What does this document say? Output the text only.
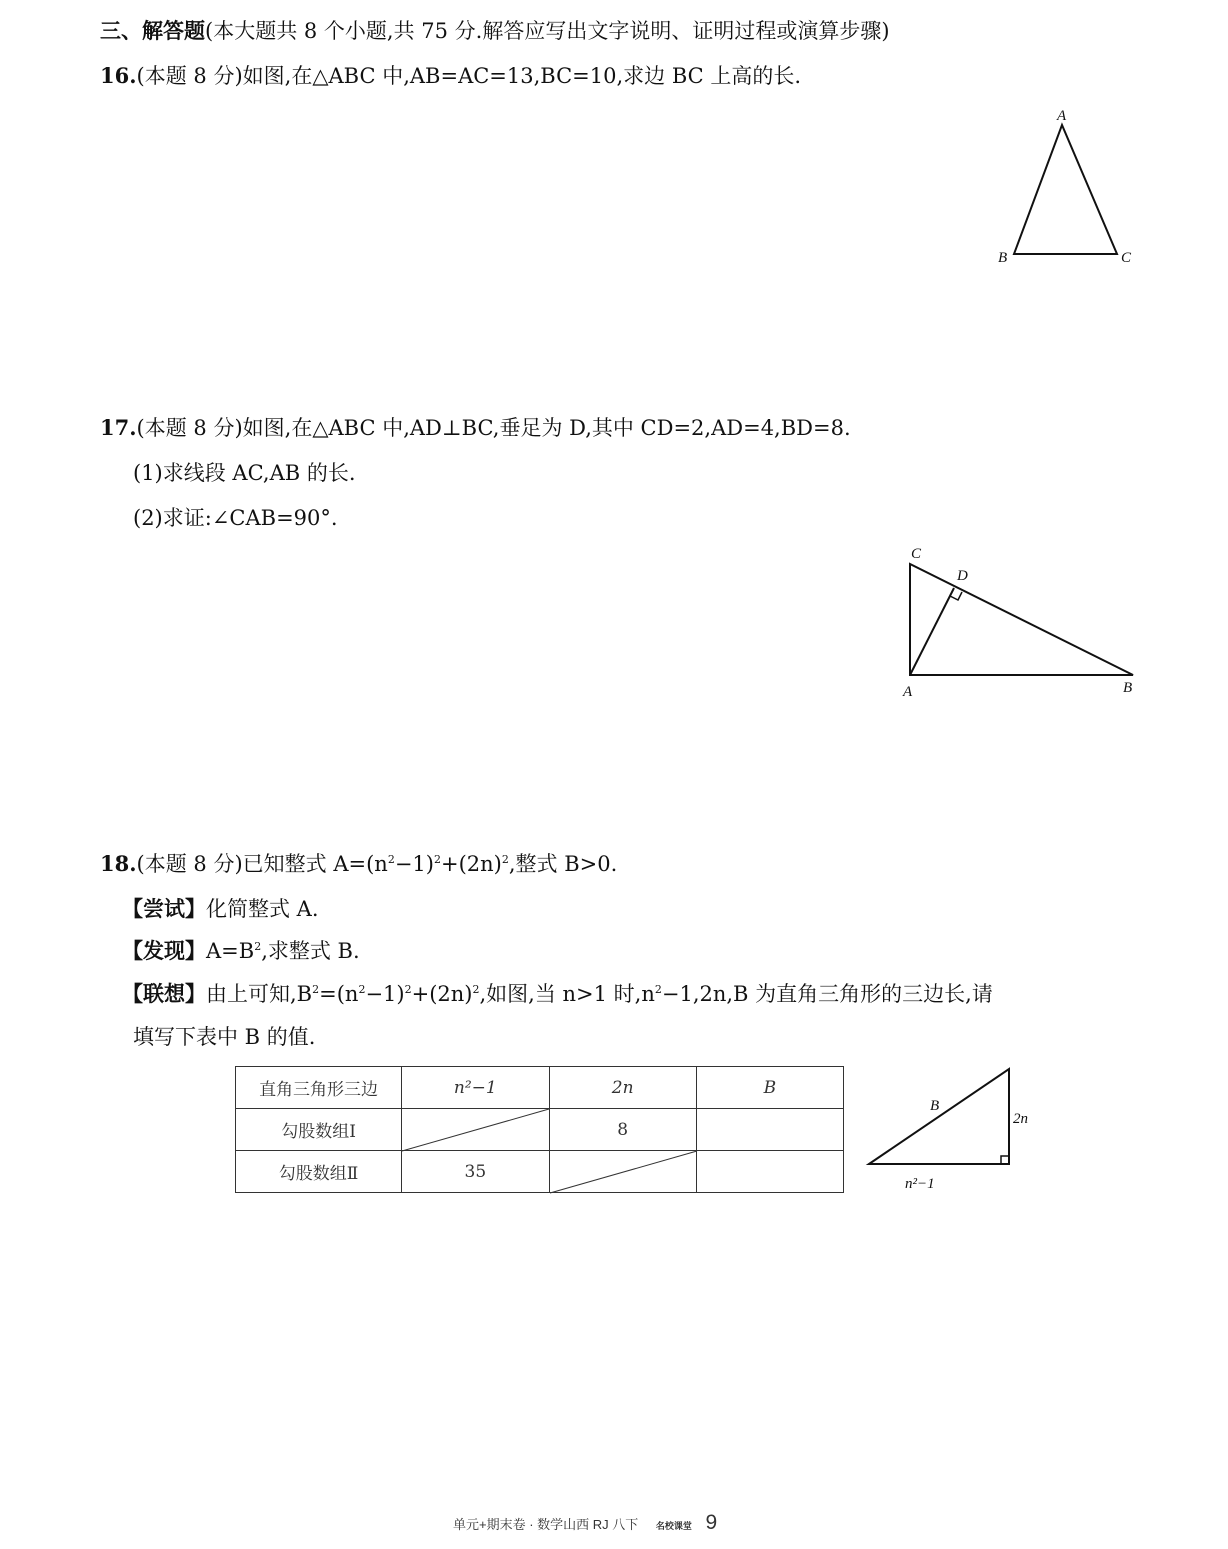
三、解答题(本大题共 8 个小题,共 75 分.解答应写出文字说明、证明过程或演算步骤)
16.(本题 8 分)如图,在△ABC 中,AB=AC=13,BC=10,求边 BC 上高的长.
A
B	C
17.(本题 8 分)如图,在△ABC 中,AD⊥BC,垂足为 D,其中 CD=2,AD=4,BD=8.
(1)求线段 AC,AB 的长.
(2)求证:∠CAB=90°.
C
D
A	B
18.(本题 8 分)已知整式 $A=(n^2-1)^2+(2n)^2$,整式 B>0.
【尝试】化简整式 A.
【发现】$A=B^2$,求整式 B.
【联想】由上可知$,B^2=(n^2-1)^2+(2n)^2$,如图,当 n>1 时$,n^2-1,2n,B$ 为直角三角形的三边长,请
填写下表中 B 的值.
直角三角形三边	n²−1	2n	B
勾股数组Ⅰ		8	
勾股数组Ⅱ	35	

B
2n
n²−1
单元+期末卷 · 数学山西 RJ 八下 名校课堂 9
